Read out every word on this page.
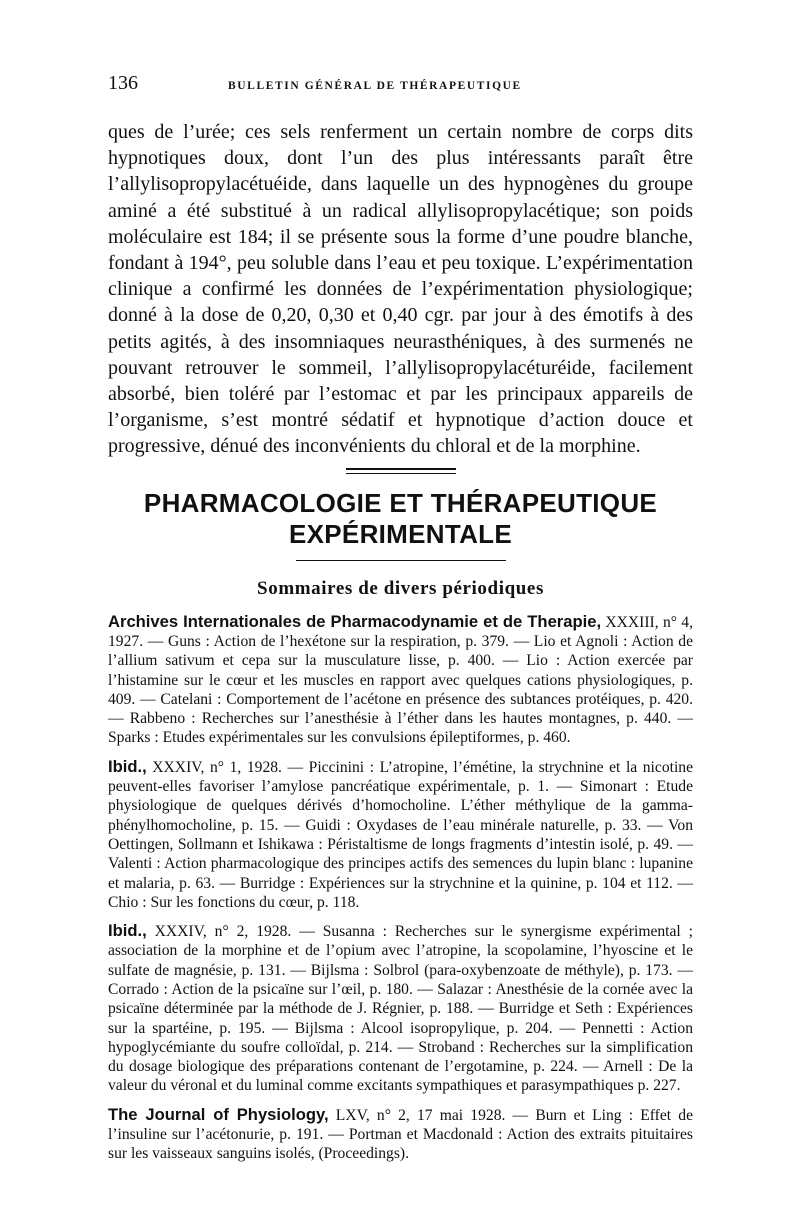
136	BULLETIN GÉNÉRAL DE THÉRAPEUTIQUE

ques de l’urée; ces sels renferment un certain nombre de corps dits hypnotiques doux, dont l’un des plus intéressants paraît être l’allylisopropylacétuéide, dans laquelle un des hypnogènes du groupe aminé a été substitué à un radical allylisopropylacétique; son poids moléculaire est 184; il se présente sous la forme d’une poudre blanche, fondant à 194°, peu soluble dans l’eau et peu toxique. L’expérimentation clinique a confirmé les données de l’expérimentation physiologique; donné à la dose de 0,20, 0,30 et 0,40 cgr. par jour à des émotifs à des petits agités, à des insomniaques neurasthéniques, à des surmenés ne pouvant retrouver le sommeil, l’allylisopropylacéturéide, facilement absorbé, bien toléré par l’estomac et par les principaux appareils de l’organisme, s’est montré sédatif et hypnotique d’action douce et progressive, dénué des inconvénients du chloral et de la morphine.

PHARMACOLOGIE ET THÉRAPEUTIQUE
EXPÉRIMENTALE
Sommaires de divers périodiques

Archives Internationales de Pharmacodynamie et de Therapie, XXXIII, n° 4, 1927. — Guns : Action de l’hexétone sur la respiration, p. 379. — Lio et Agnoli : Action de l’allium sativum et cepa sur la musculature lisse, p. 400. — Lio : Action exercée par l’histamine sur le cœur et les muscles en rapport avec quelques cations physiologiques, p. 409. — Catelani : Comportement de l’acétone en présence des subtances protéiques, p. 420. — Rabbeno : Recherches sur l’anesthésie à l’éther dans les hautes montagnes, p. 440. — Sparks : Etudes expérimentales sur les convulsions épileptiformes, p. 460.

Ibid., XXXIV, n° 1, 1928. — Piccinini : L’atropine, l’émétine, la strychnine et la nicotine peuvent-elles favoriser l’amylose pancréatique expérimentale, p. 1. — Simonart : Etude physiologique de quelques dérivés d’homocholine. L’éther méthylique de la gamma-phénylhomocholine, p. 15. — Guidi : Oxydases de l’eau minérale naturelle, p. 33. — Von Oettingen, Sollmann et Ishikawa : Péristaltisme de longs fragments d’intestin isolé, p. 49. — Valenti : Action pharmacologique des principes actifs des semences du lupin blanc : lupanine et malaria, p. 63. — Burridge : Expériences sur la strychnine et la quinine, p. 104 et 112. — Chio : Sur les fonctions du cœur, p. 118.

Ibid., XXXIV, n° 2, 1928. — Susanna : Recherches sur le synergisme expérimental ; association de la morphine et de l’opium avec l’atropine, la scopolamine, l’hyoscine et le sulfate de magnésie, p. 131. — Bijlsma : Solbrol (para-oxybenzoate de méthyle), p. 173. — Corrado : Action de la psicaïne sur l’œil, p. 180. — Salazar : Anesthésie de la cornée avec la psicaïne déterminée par la méthode de J. Régnier, p. 188. — Burridge et Seth : Expériences sur la spartéine, p. 195. — Bijlsma : Alcool isopropylique, p. 204. — Pennetti : Action hypoglycémiante du soufre colloïdal, p. 214. — Stroband : Recherches sur la simplification du dosage biologique des préparations contenant de l’ergotamine, p. 224. — Arnell : De la valeur du véronal et du luminal comme excitants sympathiques et parasympathiques p. 227.

The Journal of Physiology, LXV, n° 2, 17 mai 1928. — Burn et Ling : Effet de l’insuline sur l’acétonurie, p. 191. — Portman et Macdonald : Action des extraits pituitaires sur les vaisseaux sanguins isolés, (Proceedings).
